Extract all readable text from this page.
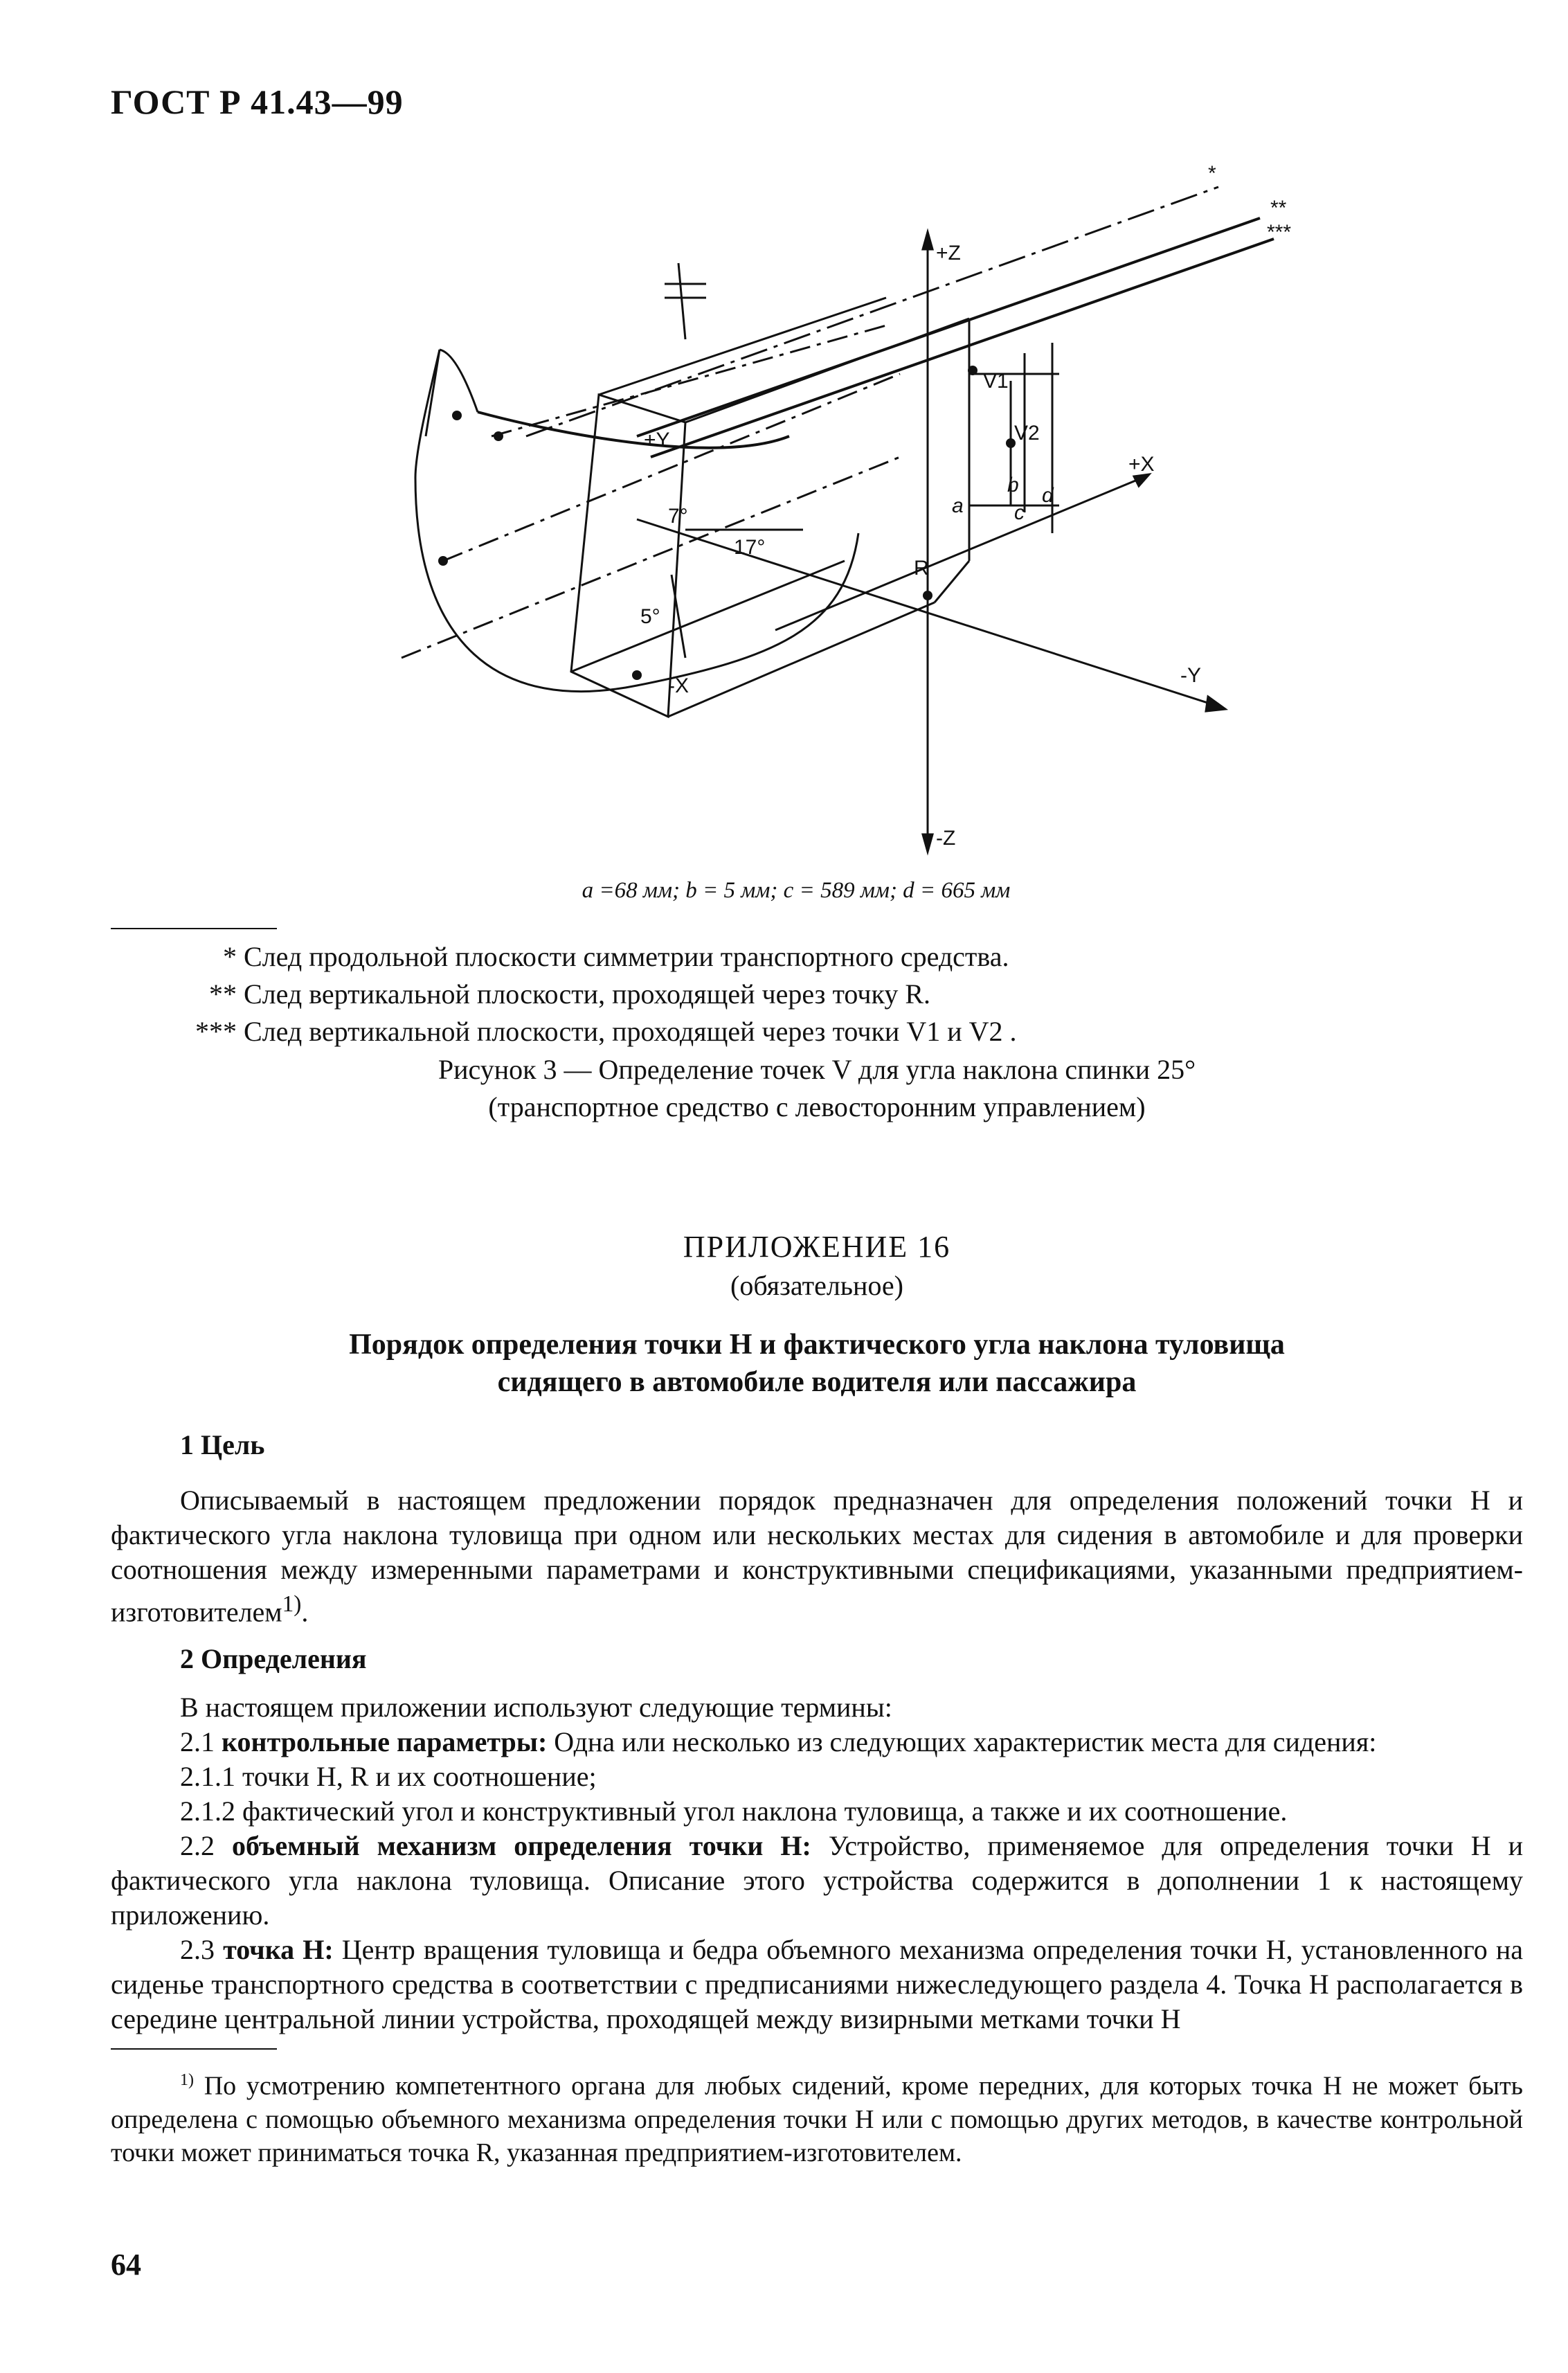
ГОСТ Р 41.43—99
+Z
-Z
+X
-X
+Y
-Y
V1
V2
R
a
b
c
d
7°
17°
5°
*
**
***
a =68 мм; b = 5 мм; c = 589 мм; d = 665 мм
* След продольной плоскости симметрии транспортного средства.
** След вертикальной плоскости, проходящей через точку R.
*** След вертикальной плоскости, проходящей через точки V1 и V2 .
Рисунок 3 — Определение точек V для угла наклона спинки 25°
(транспортное средство с левосторонним управлением)
ПРИЛОЖЕНИЕ 16
(обязательное)
Порядок определения точки H и фактического угла наклона туловища
сидящего в автомобиле водителя или пассажира
1 Цель

Описываемый в настоящем предложении порядок предназначен для определения положений точки H и фактического угла наклона туловища при одном или нескольких местах для сидения в автомобиле и для проверки соотношения между измеренными параметрами и конструктивными спецификациями, указанными предприятием-изготовителем$^{1)}$.

2 Определения

В настоящем приложении используют следующие термины:

2.1 контрольные параметры: Одна или несколько из следующих характеристик места для сидения:

2.1.1 точки H, R и их соотношение;

2.1.2 фактический угол и конструктивный угол наклона туловища, а также и их соотношение.

2.2 объемный механизм определения точки H: Устройство, применяемое для определения точки H и фактического угла наклона туловища. Описание этого устройства содержится в дополнении 1 к настоящему приложению.

2.3 точка H: Центр вращения туловища и бедра объемного механизма определения точки H, установленного на сиденье транспортного средства в соответствии с предписаниями нижеследующего раздела 4. Точка H располагается в середине центральной линии устройства, проходящей между визирными метками точки H

$^{1)}$ По усмотрению компетентного органа для любых сидений, кроме передних, для которых точка H не может быть определена с помощью объемного механизма определения точки H или с помощью других методов, в качестве контрольной точки может приниматься точка R, указанная предприятием-изготовителем.
64
